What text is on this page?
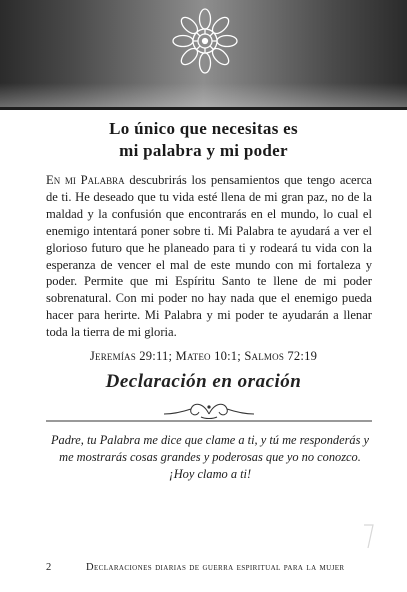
Lo único que necesitas es
mi palabra y mi poder

En mi Palabra descubrirás los pensamientos que tengo acerca de ti. He deseado que tu vida esté llena de mi gran paz, no de la maldad y la confusión que encontrarás en el mundo, lo cual el enemigo intentará poner sobre ti. Mi Palabra te ayudará a ver el glorioso futuro que he planeado para ti y rodeará tu vida con la esperanza de vencer el mal de este mundo con mi fortaleza y poder. Permite que mi Espíritu Santo te llene de mi poder sobrenatural. Con mi poder no hay nada que el enemigo pueda hacer para herirte. Mi Palabra y mi poder te ayudarán a llenar toda la tierra de mi gloria.

Jeremías 29:11; Mateo 10:1; Salmos 72:19
Declaración en oración

Padre, tu Palabra me dice que clame a ti, y tú me responderás y me mostrarás cosas grandes y poderosas que yo no conozco. ¡Hoy clamo a ti!

2	Declaraciones diarias de guerra espiritual para la mujer
